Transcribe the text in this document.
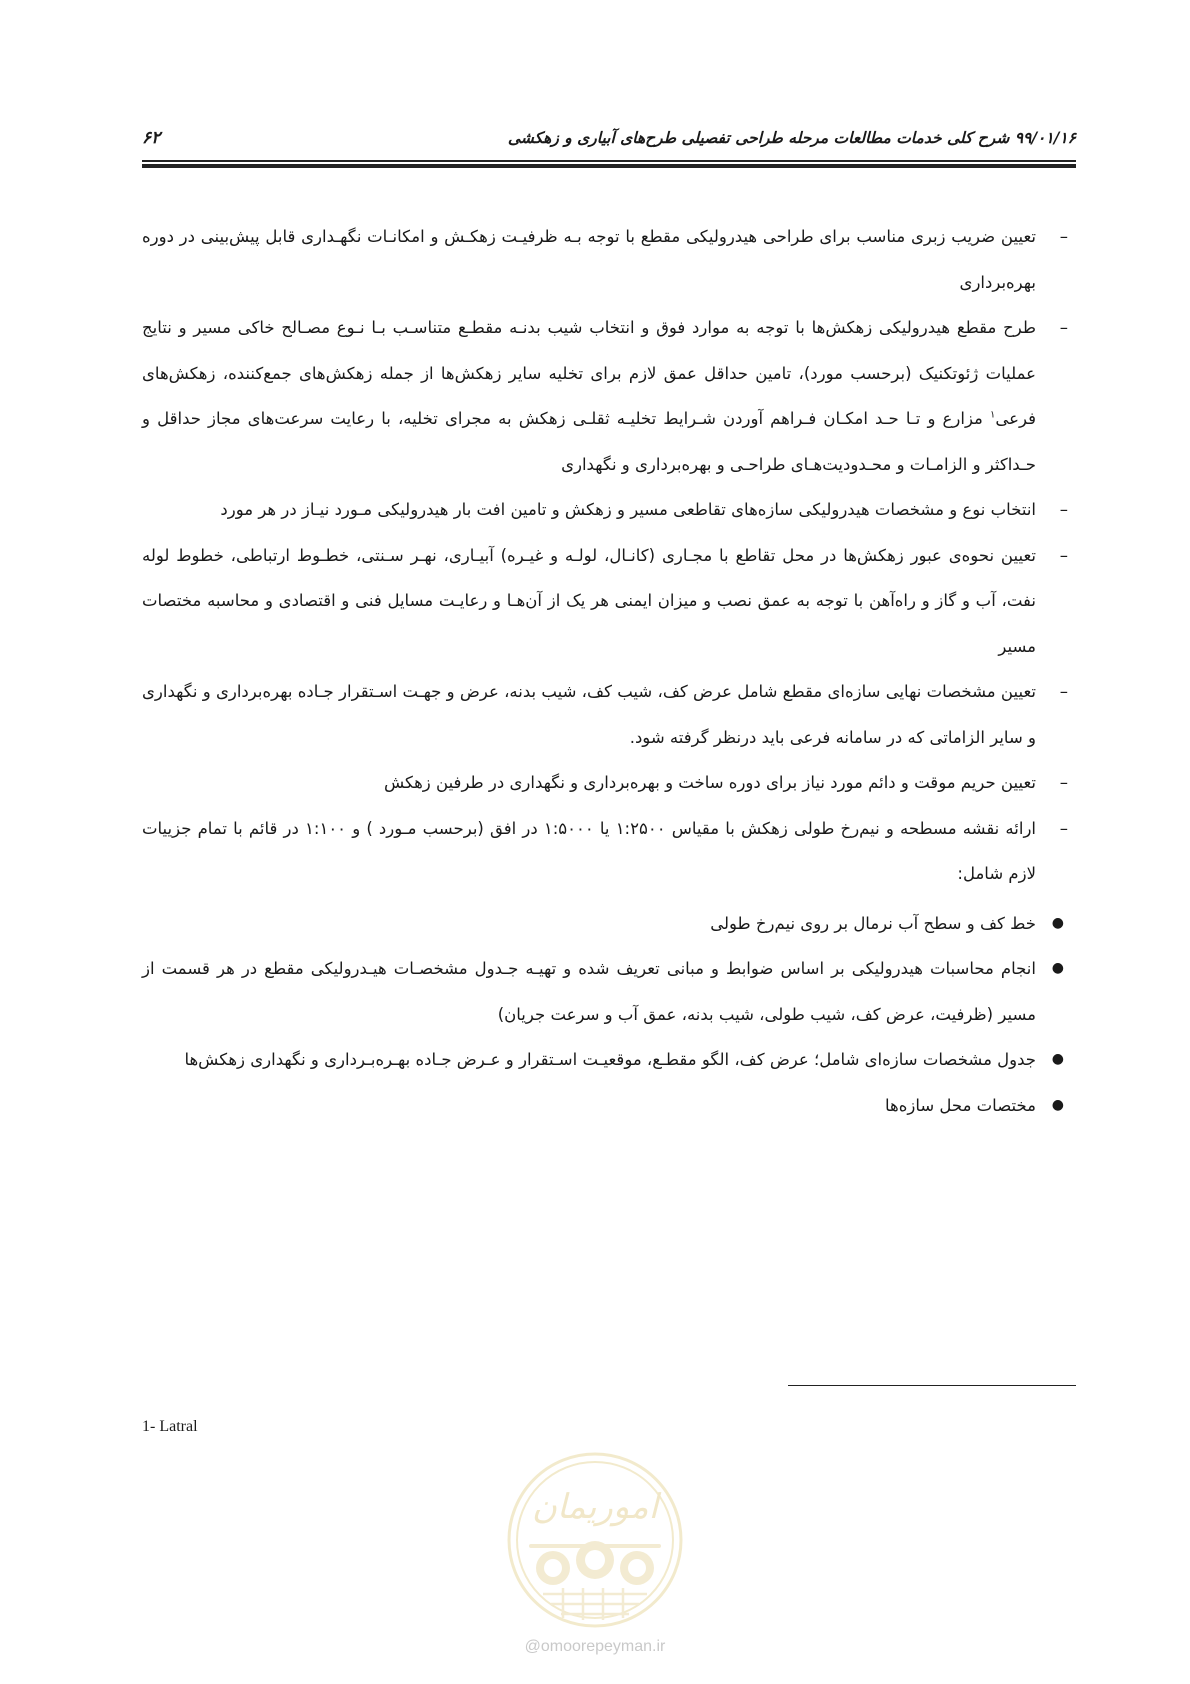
۹۹/۰۱/۱۶ شرح کلی خدمات مطالعات مرحله طراحی تفصیلی طرح‌های آبیاری و زهکشی
۶۲
–
تعیین ضریب زبری مناسب برای طراحی هیدرولیکی مقطع با توجه بـه ظرفیـت زهکـش و امکانـات نگهـداری قابل پیش‌بینی در دوره بهره‌برداری
–
طرح مقطع هیدرولیکی زهکش‌ها با توجه به موارد فوق و انتخاب شیب بدنـه مقطـع متناسـب بـا نـوع مصـالح خاکی مسیر و نتایج عملیات ژئوتکنیک (برحسب مورد)، تامین حداقل عمق لازم برای تخلیه سایر زهکش‌ها از جمله زهکش‌های جمع‌کننده، زهکش‌های فرعی$^۱$ مزارع و تـا حـد امکـان فـراهم آوردن شـرایط تخلیـه ثقلـی زهکش به مجرای تخلیه، با رعایت سرعت‌های مجاز حداقل و حـداکثر و الزامـات و محـدودیت‌هـای طراحـی و بهره‌برداری و نگهداری
–
انتخاب نوع و مشخصات هیدرولیکی سازه‌های تقاطعی مسیر و زهکش و تامین افت بار هیدرولیکی مـورد نیـاز در هر مورد
–
تعیین نحوه‌ی عبور زهکش‌ها در محل تقاطع با مجـاری (کانـال، لولـه و غیـره) آبیـاری، نهـر سـنتی، خطـوط ارتباطی، خطوط لوله نفت، آب و گاز و راه‌آهن با توجه به عمق نصب و میزان ایمنی هر یک از آن‌هـا و رعایـت مسایل فنی و اقتصادی و محاسبه مختصات مسیر
–
تعیین مشخصات نهایی سازه‌ای مقطع شامل عرض کف، شیب کف، شیب بدنه، عرض و جهـت اسـتقرار جـاده بهره‌برداری و نگهداری و سایر الزاماتی که در سامانه فرعی باید درنظر گرفته شود.
–
تعیین حریم موقت و دائم مورد نیاز برای دوره ساخت و بهره‌برداری و نگهداری در طرفین زهکش
–
ارائه نقشه مسطحه و نیم‌رخ طولی زهکش با مقیاس ۱:۲۵۰۰ یا ۱:۵۰۰۰ در افق (برحسب مـورد ) و ۱:۱۰۰ در قائم با تمام جزییات لازم شامل:
●
خط کف و سطح آب نرمال بر روی نیم‌رخ طولی
●
انجام محاسبات هیدرولیکی بر اساس ضوابط و مبانی تعریف شده و تهیـه جـدول مشخصـات هیـدرولیکی مقطع در هر قسمت از مسیر (ظرفیت، عرض کف، شیب طولی، شیب بدنه، عمق آب و سرعت جریان)
●
جدول مشخصات سازه‌ای شامل؛ عرض کف، الگو مقطـع، موقعیـت اسـتقرار و عـرض جـاده بهـره‌بـرداری و نگهداری زهکش‌ها
●
مختصات محل سازه‌ها
1- Latral
اموریمان
@omoorepeyman.ir
